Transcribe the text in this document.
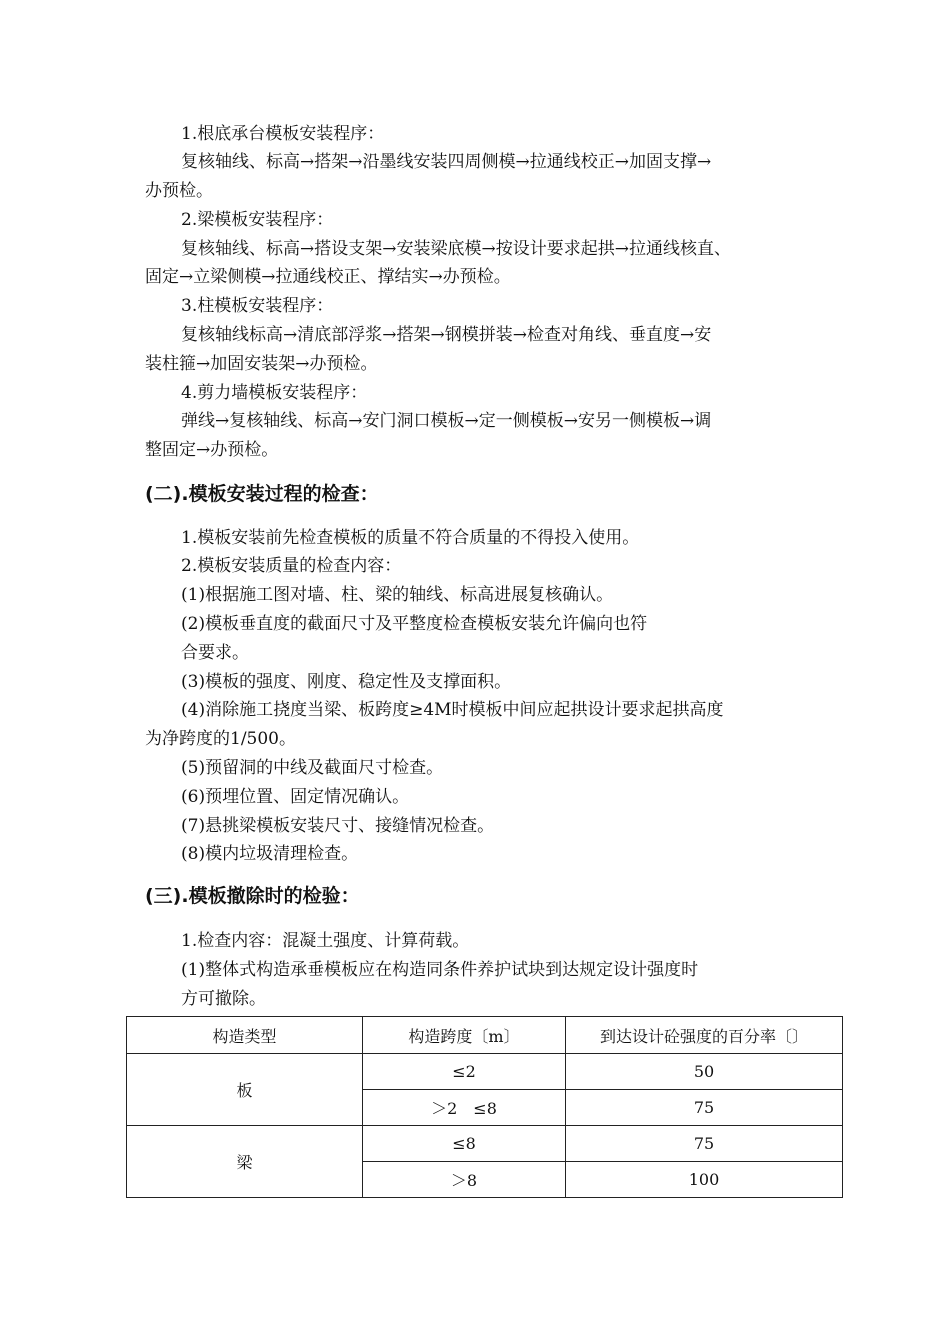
1.根底承台模板安装程序：
复核轴线、标高→搭架→沿墨线安装四周侧模→拉通线校正→加固支撑→
办预检。
2.梁模板安装程序：
复核轴线、标高→搭设支架→安装梁底模→按设计要求起拱→拉通线核直、
固定→立梁侧模→拉通线校正、撑结实→办预检。
3.柱模板安装程序：
复核轴线标高→清底部浮浆→搭架→钢模拼装→检查对角线、垂直度→安
装柱箍→加固安装架→办预检。
4.剪力墙模板安装程序：
弹线→复核轴线、标高→安门洞口模板→定一侧模板→安另一侧模板→调
整固定→办预检。
(二).模板安装过程的检查：
1.模板安装前先检查模板的质量不符合质量的不得投入使用。
2.模板安装质量的检查内容：
(1)根据施工图对墙、柱、梁的轴线、标高进展复核确认。
(2)模板垂直度的截面尺寸及平整度检查模板安装允许偏向也符
合要求。
(3)模板的强度、刚度、稳定性及支撑面积。
(4)消除施工挠度当梁、板跨度≥4M时模板中间应起拱设计要求起拱高度
为净跨度的1/500。
(5)预留洞的中线及截面尺寸检查。
(6)预埋位置、固定情况确认。
(7)悬挑梁模板安装尺寸、接缝情况检查。
(8)模内垃圾清理检查。
(三).模板撤除时的检验：
1.检查内容：混凝土强度、计算荷载。
(1)整体式构造承垂模板应在构造同条件养护试块到达规定设计强度时
方可撤除。
构造类型	构造跨度〔m〕	到达设计砼强度的百分率〔〕
板	≤2	50
	＞2　≤8	75
梁	≤8	75
	＞8	100
